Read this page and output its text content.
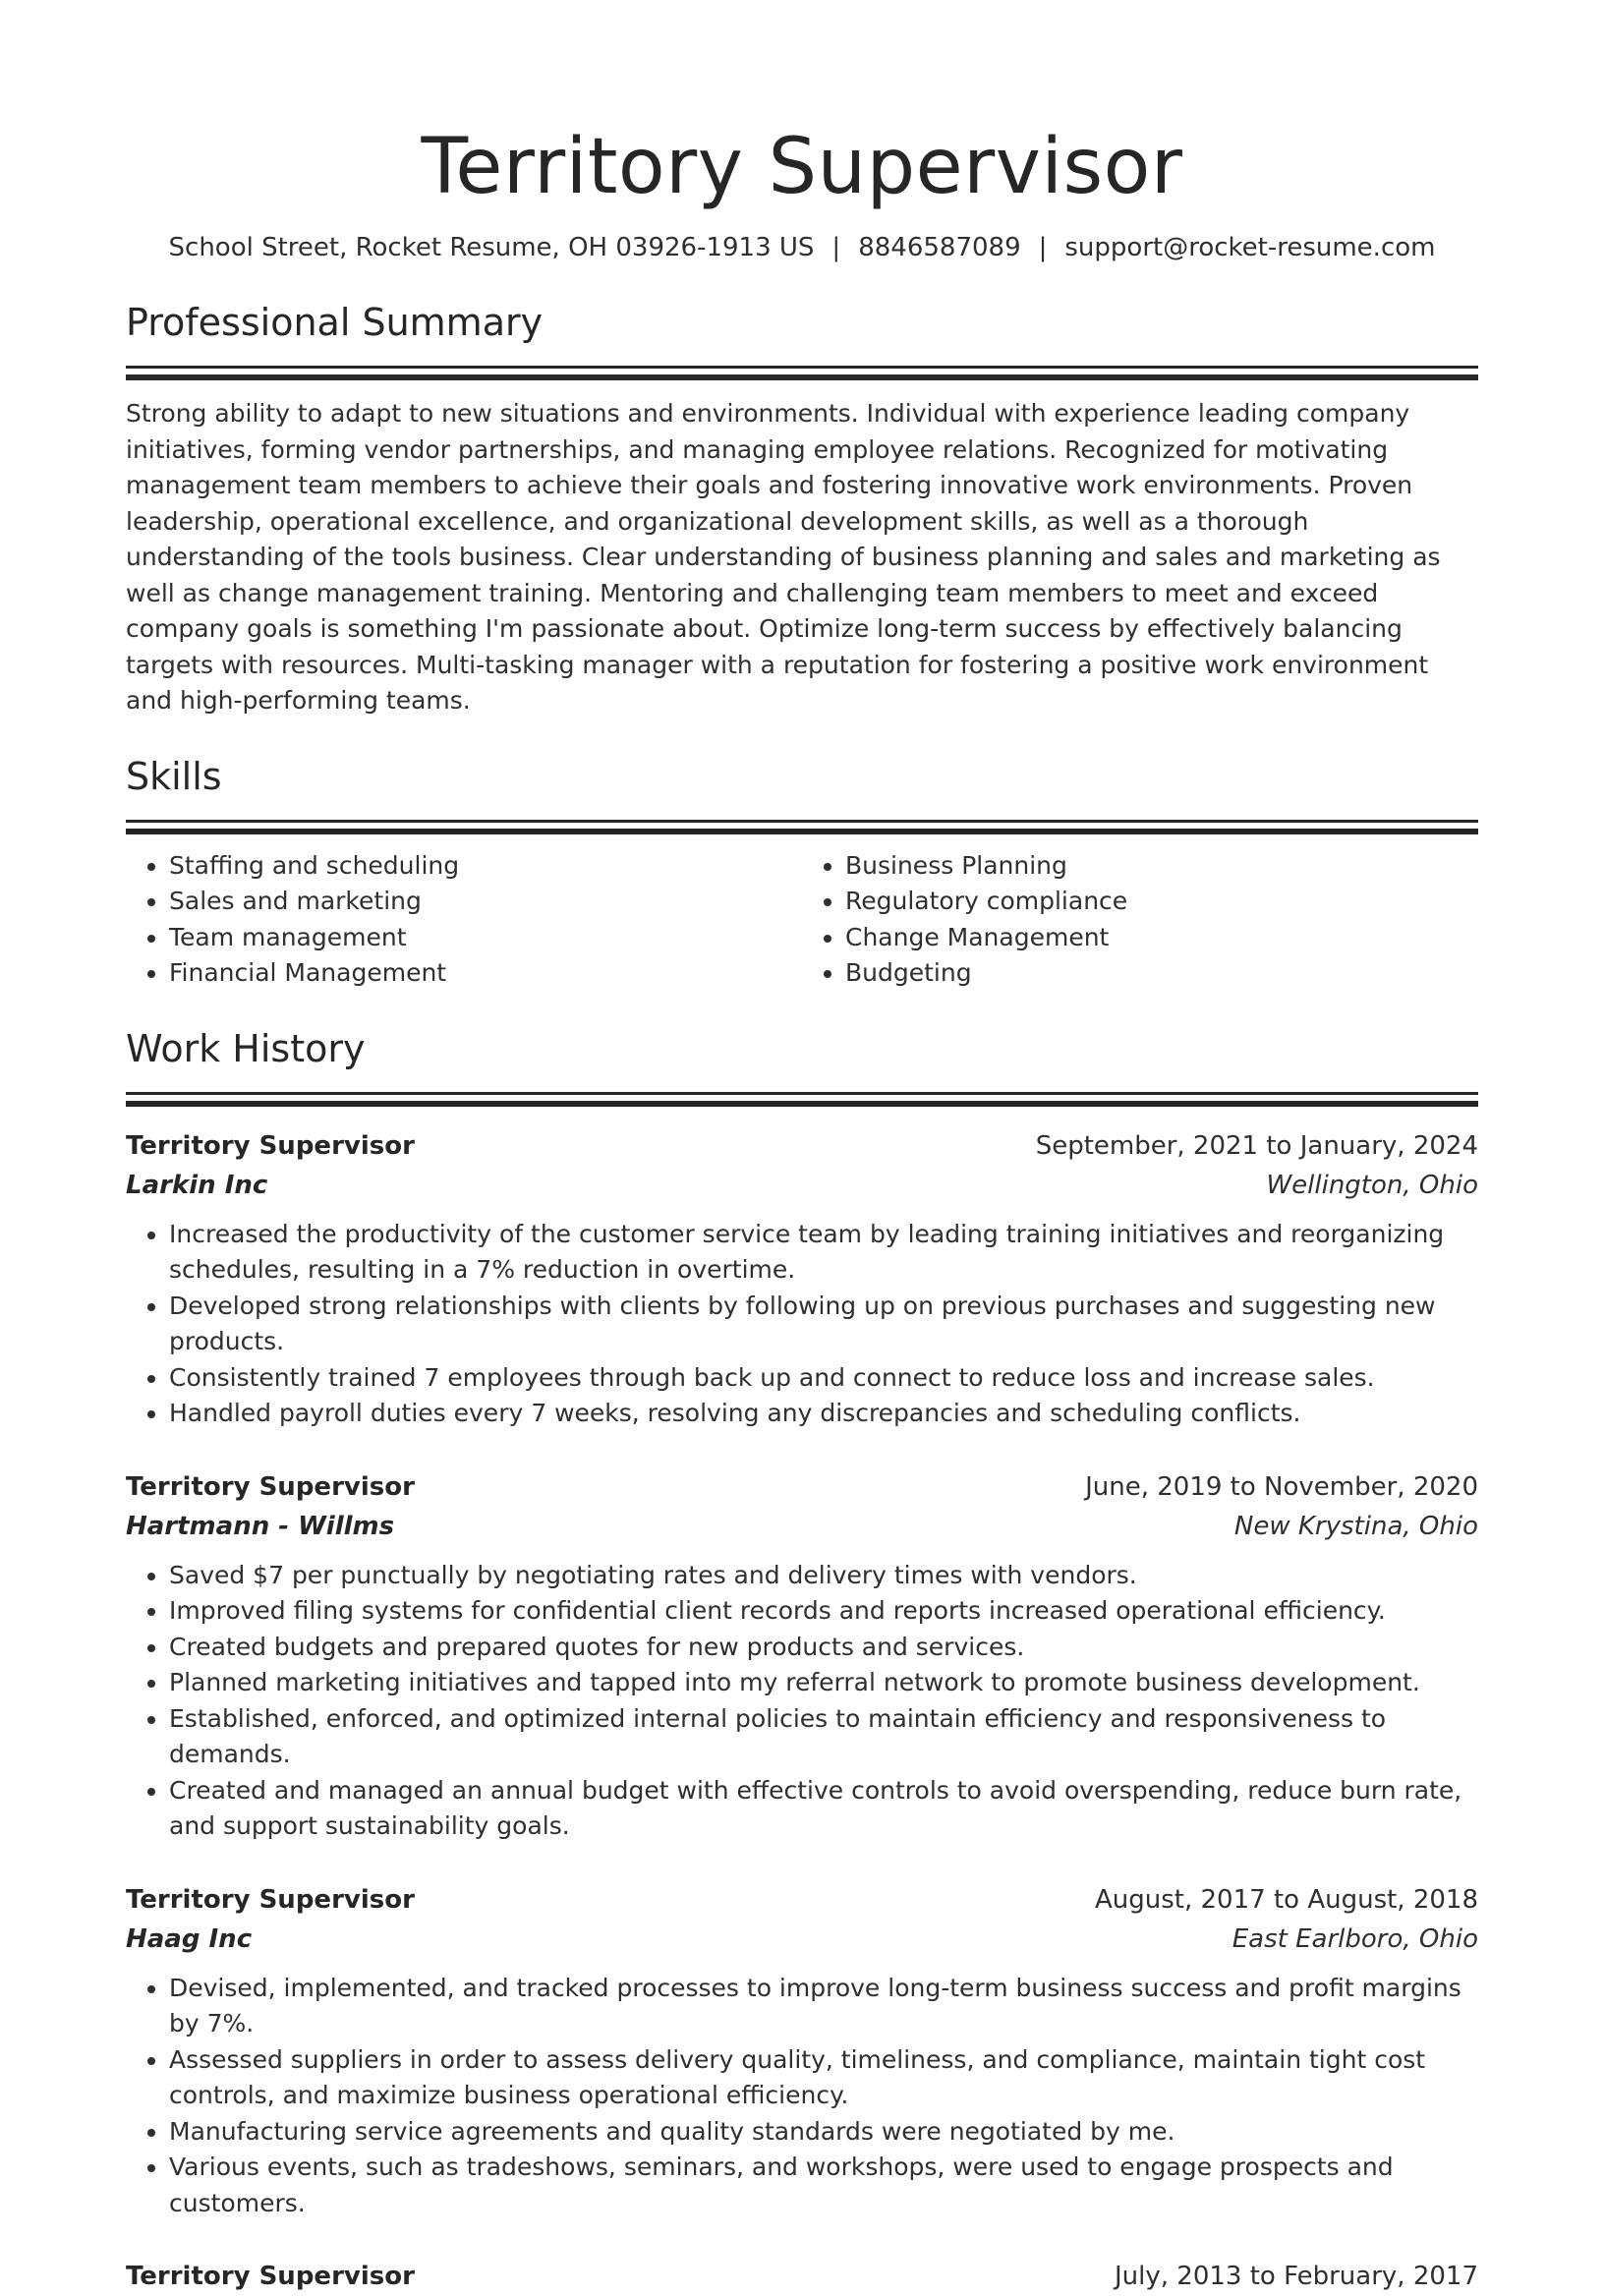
Territory Supervisor
School Street, Rocket Resume, OH 03926-1913 US | 8846587089 | support@rocket-resume.com
Professional Summary
Strong ability to adapt to new situations and environments. Individual with experience leading company initiatives, forming vendor partnerships, and managing employee relations. Recognized for motivating management team members to achieve their goals and fostering innovative work environments. Proven leadership, operational excellence, and organizational development skills, as well as a thorough understanding of the tools business. Clear understanding of business planning and sales and marketing as well as change management training. Mentoring and challenging team members to meet and exceed company goals is something I'm passionate about. Optimize long-term success by effectively balancing targets with resources. Multi-tasking manager with a reputation for fostering a positive work environment and high-performing teams.
Skills
• Staffing and scheduling
• Sales and marketing
• Team management
• Financial Management
• Business Planning
• Regulatory compliance
• Change Management
• Budgeting
Work History
Territory Supervisor	September, 2021 to January, 2024
Larkin Inc	Wellington, Ohio
• Increased the productivity of the customer service team by leading training initiatives and reorganizing schedules, resulting in a 7% reduction in overtime.
• Developed strong relationships with clients by following up on previous purchases and suggesting new products.
• Consistently trained 7 employees through back up and connect to reduce loss and increase sales.
• Handled payroll duties every 7 weeks, resolving any discrepancies and scheduling conflicts.
Territory Supervisor	June, 2019 to November, 2020
Hartmann - Willms	New Krystina, Ohio
• Saved $7 per punctually by negotiating rates and delivery times with vendors.
• Improved filing systems for confidential client records and reports increased operational efficiency.
• Created budgets and prepared quotes for new products and services.
• Planned marketing initiatives and tapped into my referral network to promote business development.
• Established, enforced, and optimized internal policies to maintain efficiency and responsiveness to demands.
• Created and managed an annual budget with effective controls to avoid overspending, reduce burn rate, and support sustainability goals.
Territory Supervisor	August, 2017 to August, 2018
Haag Inc	East Earlboro, Ohio
• Devised, implemented, and tracked processes to improve long-term business success and profit margins by 7%.
• Assessed suppliers in order to assess delivery quality, timeliness, and compliance, maintain tight cost controls, and maximize business operational efficiency.
• Manufacturing service agreements and quality standards were negotiated by me.
• Various events, such as tradeshows, seminars, and workshops, were used to engage prospects and customers.
Territory Supervisor	July, 2013 to February, 2017
